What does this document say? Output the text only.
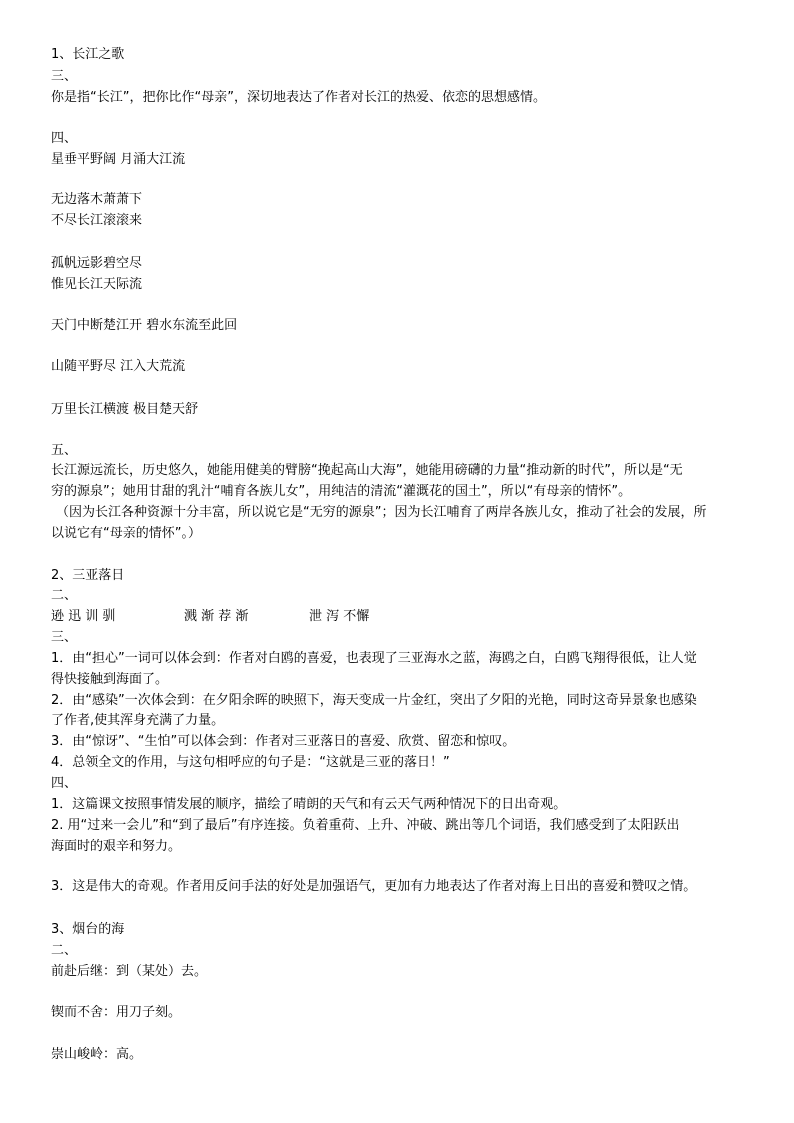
1、长江之歌
三、
你是指“长江”，把你比作“母亲”，深切地表达了作者对长江的热爱、依恋的思想感情。
四、
星垂平野阔 月涌大江流
无边落木萧萧下
不尽长江滚滚来
孤帆远影碧空尽
惟见长江天际流
天门中断楚江开 碧水东流至此回
山随平野尽 江入大荒流
万里长江横渡 极目楚天舒
五、
长江源远流长，历史悠久，她能用健美的臂膀“挽起高山大海”，她能用磅礴的力量“推动新的时代”，所以是“无
穷的源泉”；她用甘甜的乳汁“哺育各族儿女”，用纯洁的清流“灌溉花的国土”，所以“有母亲的情怀”。
（因为长江各种资源十分丰富，所以说它是“无穷的源泉”；因为长江哺育了两岸各族儿女，推动了社会的发展，所
以说它有“母亲的情怀”。）
2、三亚落日
二、
逊 迅 训 驯	溅 渐 荐 渐	泄 泻 不懈
三、
1．由“担心”一词可以体会到：作者对白鸥的喜爱，也表现了三亚海水之蓝，海鸥之白，白鸥飞翔得很低，让人觉
得快接触到海面了。
2．由“感染”一次体会到：在夕阳余晖的映照下，海天变成一片金红，突出了夕阳的光艳，同时这奇异景象也感染
了作者,使其浑身充满了力量。
3．由“惊讶”、“生怕”可以体会到：作者对三亚落日的喜爱、欣赏、留恋和惊叹。
4．总领全文的作用，与这句相呼应的句子是：“这就是三亚的落日！”
四、
1．这篇课文按照事情发展的顺序，描绘了晴朗的天气和有云天气两种情况下的日出奇观。
2. 用“过来一会儿”和“到了最后”有序连接。负着重荷、上升、冲破、跳出等几个词语，我们感受到了太阳跃出
海面时的艰辛和努力。
3．这是伟大的奇观。作者用反问手法的好处是加强语气，更加有力地表达了作者对海上日出的喜爱和赞叹之情。
3、烟台的海
二、
前赴后继：到（某处）去。
锲而不舍：用刀子刻。
崇山峻岭：高。
